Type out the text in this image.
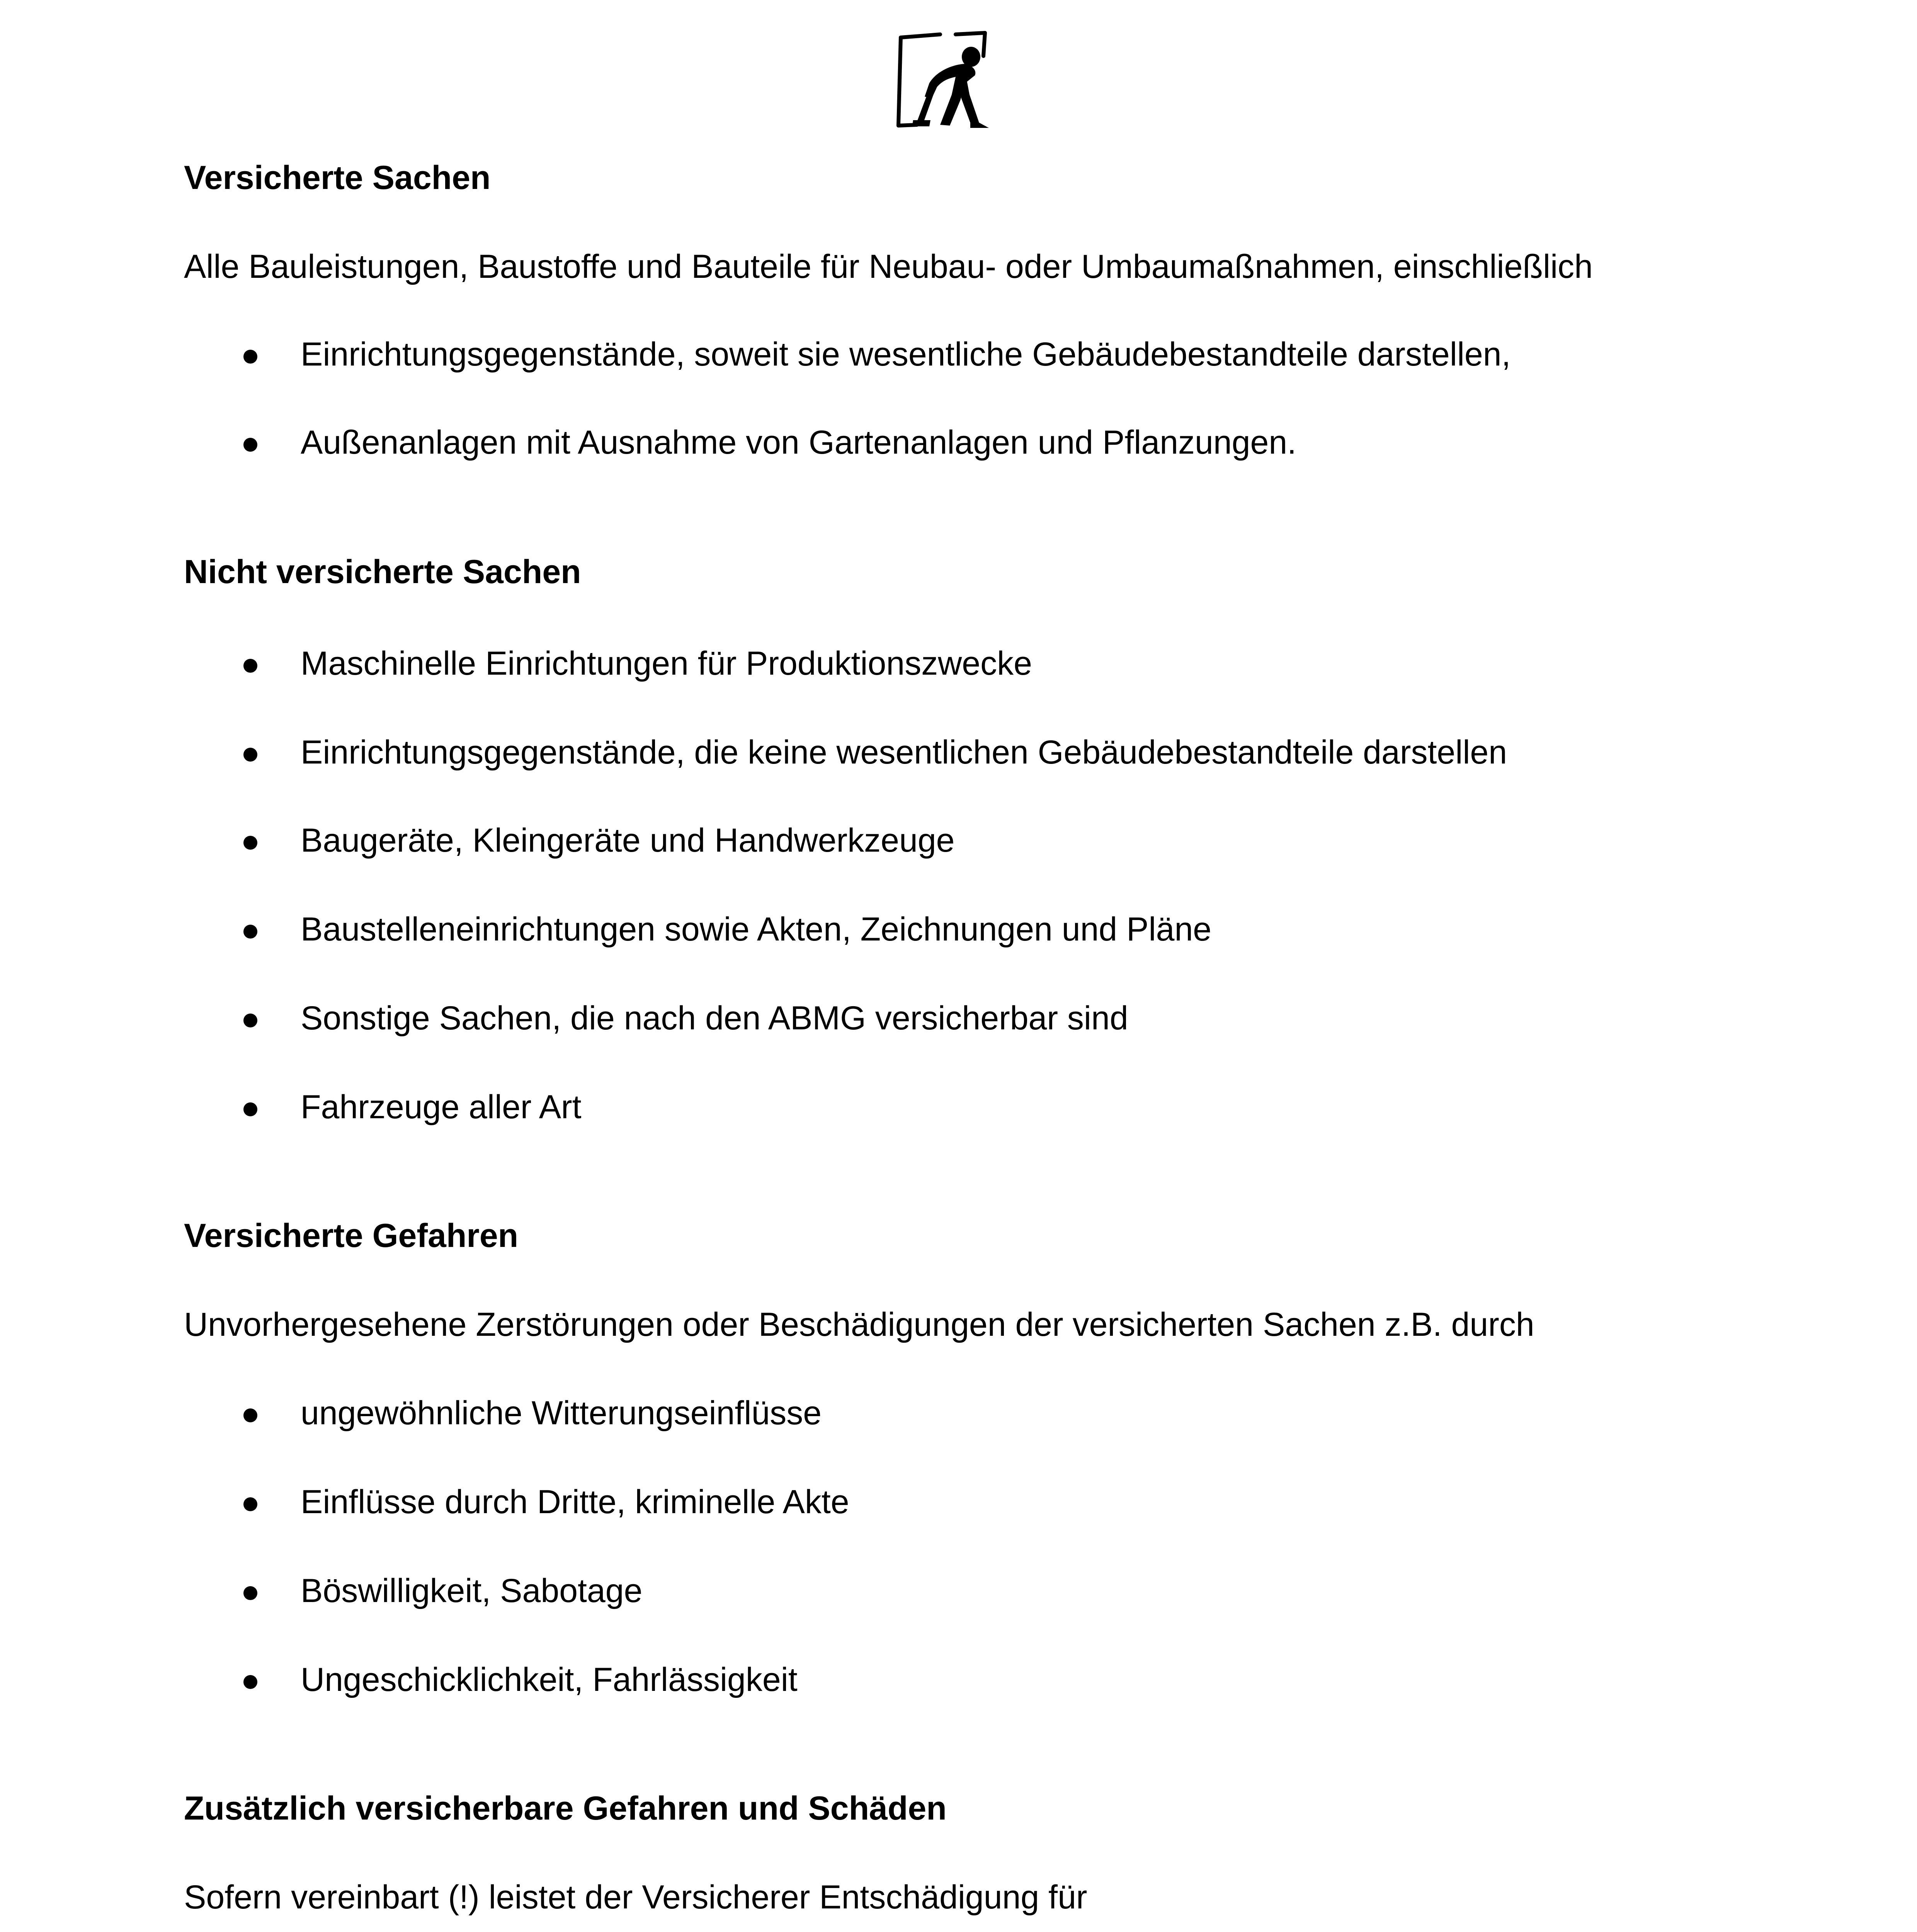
Versicherte Sachen
Alle Bauleistungen, Baustoffe und Bauteile für Neubau- oder Umbaumaßnahmen, einschließlich
Einrichtungsgegenstände, soweit sie wesentliche Gebäudebestandteile darstellen,
Außenanlagen mit Ausnahme von Gartenanlagen und Pflanzungen.
Nicht versicherte Sachen
Maschinelle Einrichtungen für Produktionszwecke
Einrichtungsgegenstände, die keine wesentlichen Gebäudebestandteile darstellen
Baugeräte, Kleingeräte und Handwerkzeuge
Baustelleneinrichtungen sowie Akten, Zeichnungen und Pläne
Sonstige Sachen, die nach den ABMG versicherbar sind
Fahrzeuge aller Art
Versicherte Gefahren
Unvorhergesehene Zerstörungen oder Beschädigungen der versicherten Sachen z.B. durch
ungewöhnliche Witterungseinflüsse
Einflüsse durch Dritte, kriminelle Akte
Böswilligkeit, Sabotage
Ungeschicklichkeit, Fahrlässigkeit
Zusätzlich versicherbare Gefahren und Schäden
Sofern vereinbart (!) leistet der Versicherer Entschädigung für
